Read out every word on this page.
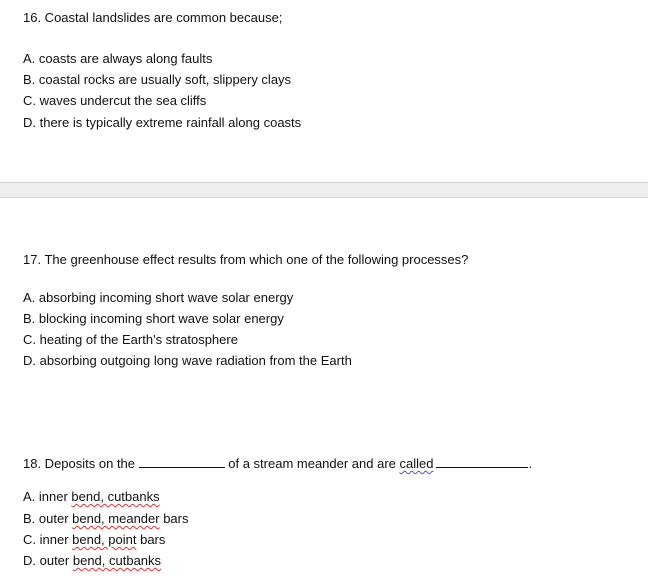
16. Coastal landslides are common because;
A. coasts are always along faults
B. coastal rocks are usually soft, slippery clays
C. waves undercut the sea cliffs
D. there is typically extreme rainfall along coasts
17. The greenhouse effect results from which one of the following processes?
A. absorbing incoming short wave solar energy
B. blocking incoming short wave solar energy
C. heating of the Earth's stratosphere
D. absorbing outgoing long wave radiation from the Earth
18. Deposits on the	of a stream meander and are called	.
A. inner bend, cutbanks
B. outer bend, meander bars
C. inner bend, point bars
D. outer bend, cutbanks
